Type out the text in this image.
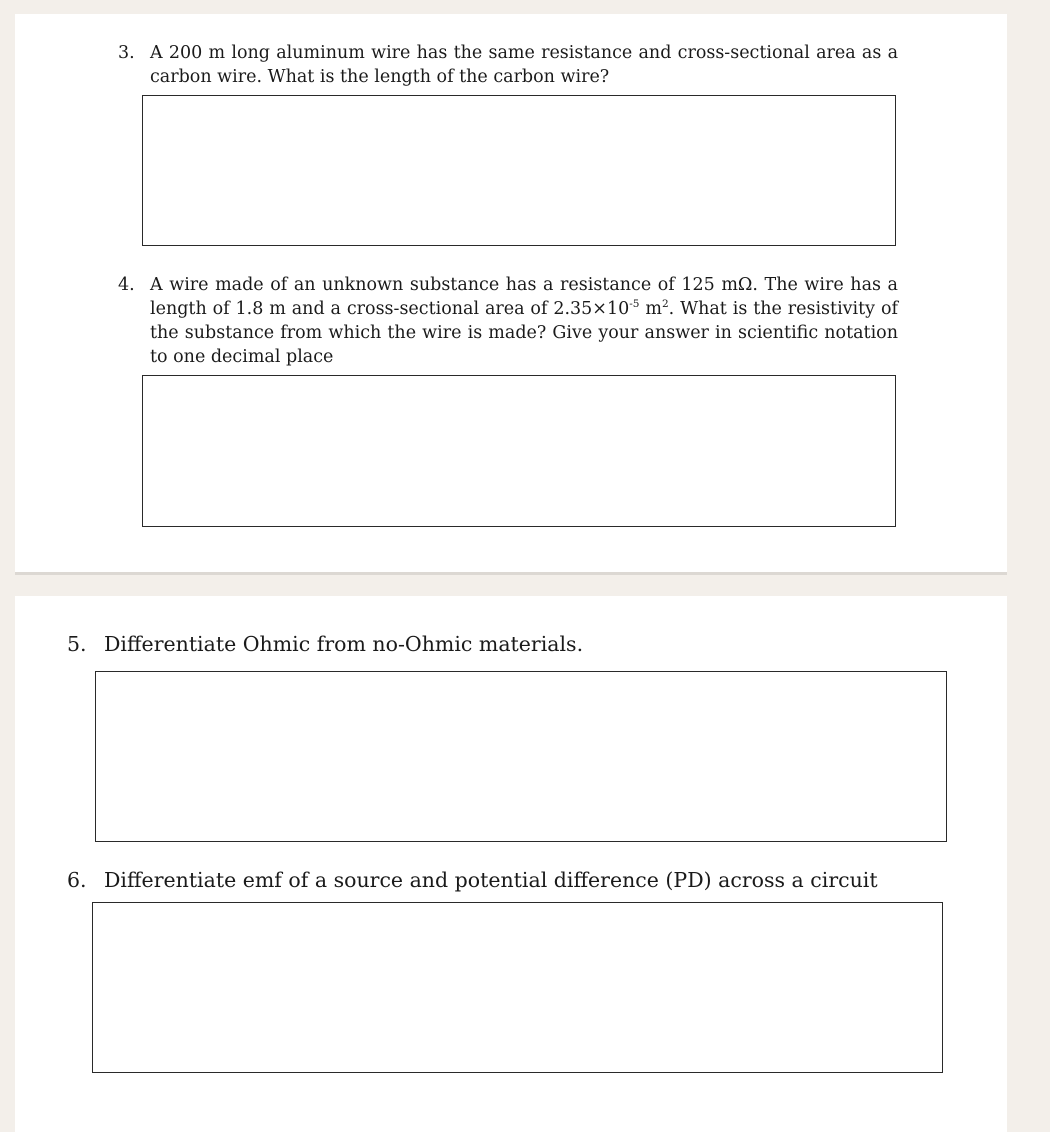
3. A 200 m long aluminum wire has the same resistance and cross-sectional area as a carbon wire. What is the length of the carbon wire?
4. A wire made of an unknown substance has a resistance of 125 mΩ. The wire has a length of 1.8 m and a cross-sectional area of $2.35\times 10^{-5}$ $m^2$. What is the resistivity of the substance from which the wire is made? Give your answer in scientific notation to one decimal place
5. Differentiate Ohmic from no-Ohmic materials.
6. Differentiate emf of a source and potential difference (PD) across a circuit
